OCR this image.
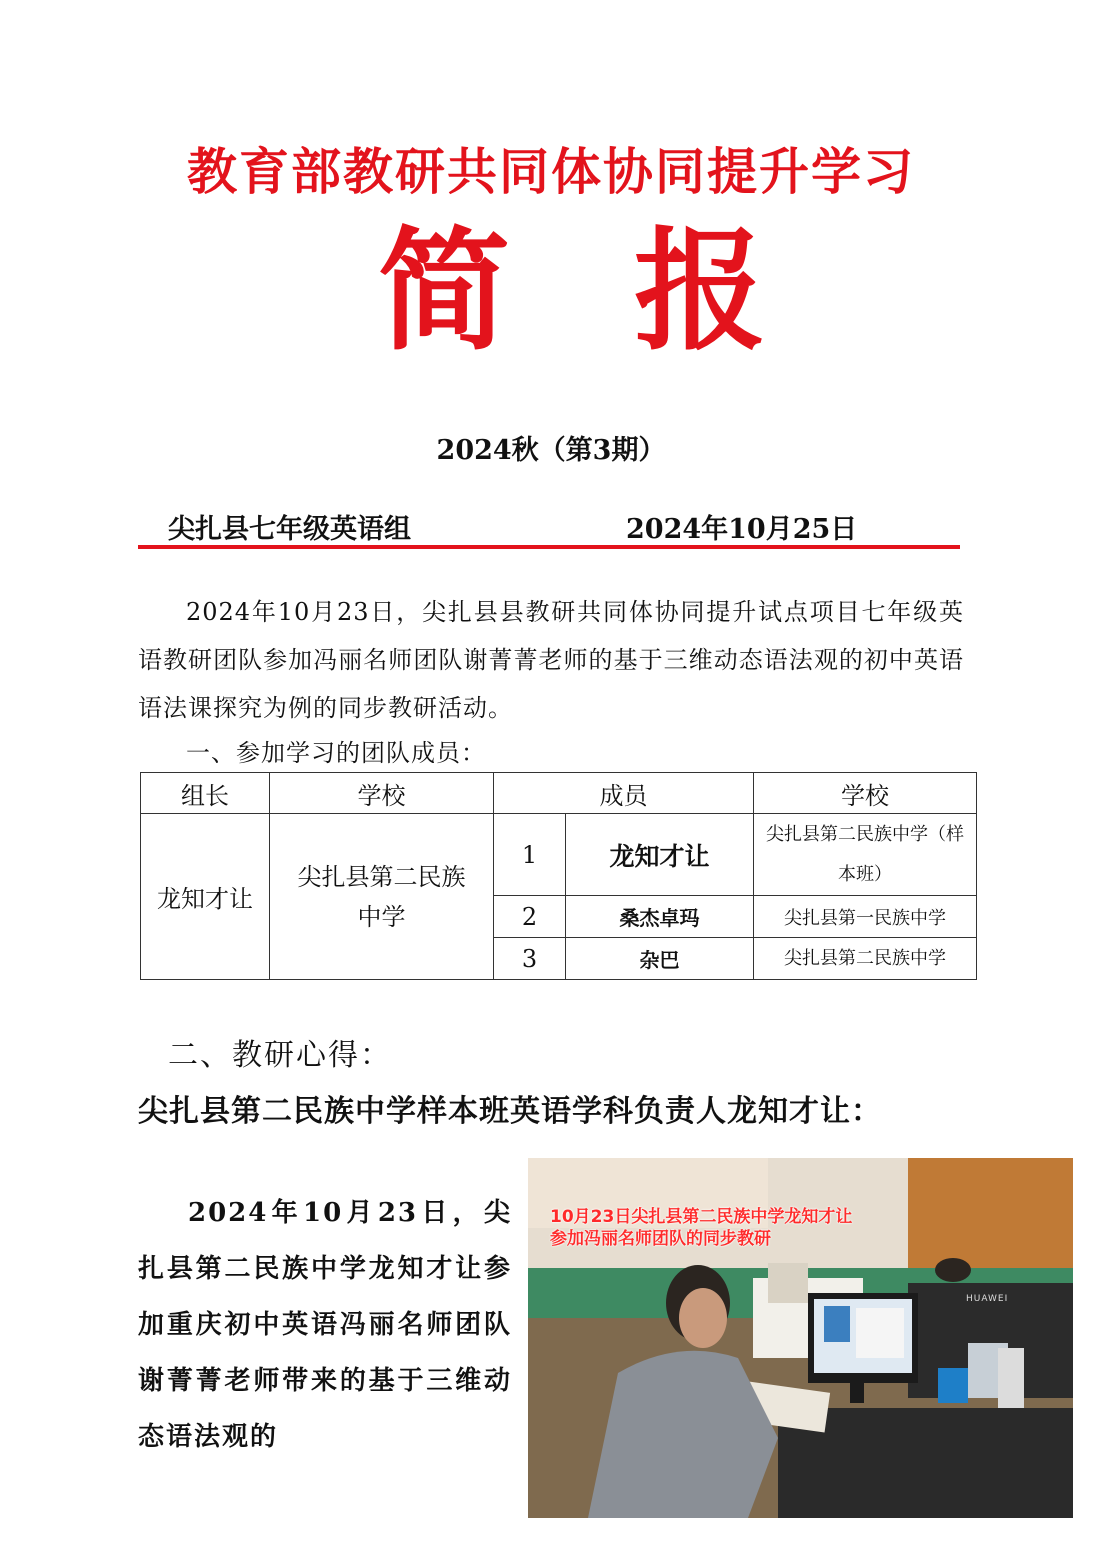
教育部教研共同体协同提升学习
简 报
2024秋（第3期）
尖扎县七年级英语组	2024年10月25日
2024年10月23日，尖扎县县教研共同体协同提升试点项目七年级英语教研团队参加冯丽名师团队谢菁菁老师的基于三维动态语法观的初中英语语法课探究为例的同步教研活动。
一、参加学习的团队成员：
组长	学校	成员		学校
龙知才让	尖扎县第二民族中学	1	龙知才让	尖扎县第二民族中学（样本班）
		2	桑杰卓玛	尖扎县第一民族中学
		3	杂巴	尖扎县第二民族中学
二、教研心得：
尖扎县第二民族中学样本班英语学科负责人龙知才让：
2024年10月23日，尖扎县第二民族中学龙知才让参加重庆初中英语冯丽名师团队谢菁菁老师带来的基于三维动态语法观的
10月23日尖扎县第二民族中学龙知才让
参加冯丽名师团队的同步教研
HUAWEI
